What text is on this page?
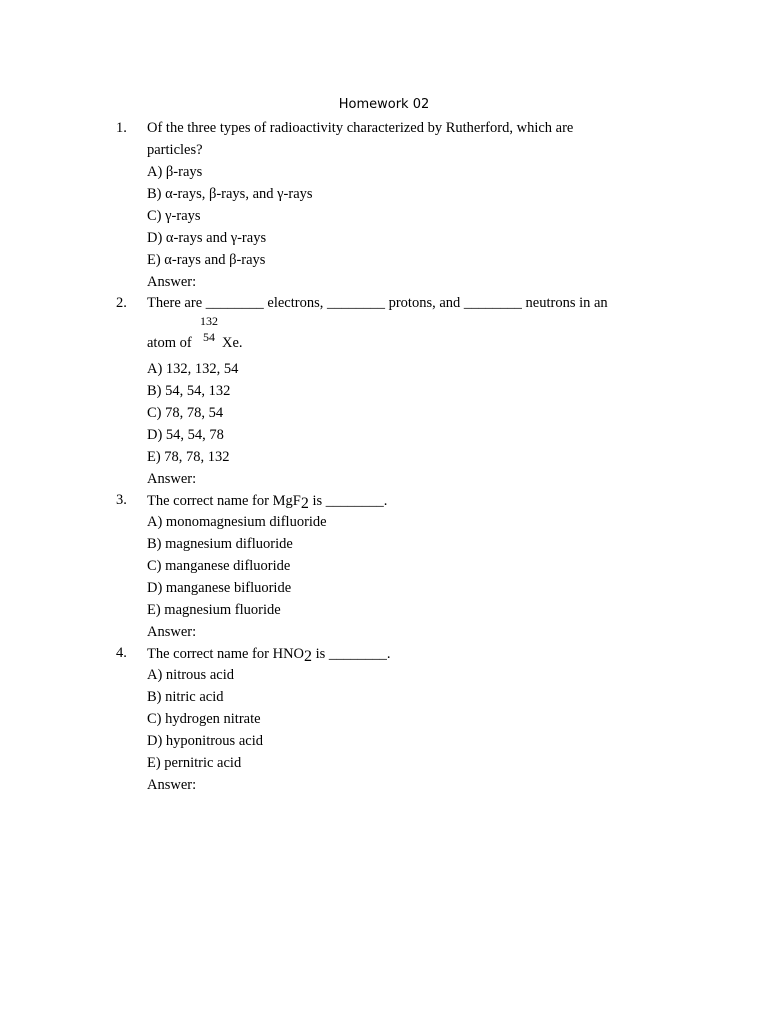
Homework 02
1. Of the three types of radioactivity characterized by Rutherford, which are
particles?
A) β-rays
B) α-rays, β-rays, and γ-rays
C) γ-rays
D) α-rays and γ-rays
E) α-rays and β-rays
Answer:
2. There are ________ electrons, ________ protons, and ________ neutrons in an
132
54
atom of Xe.
A) 132, 132, 54
B) 54, 54, 132
C) 78, 78, 54
D) 54, 54, 78
E) 78, 78, 132
Answer:
3. The correct name for MgF2 is ________.
A) monomagnesium difluoride
B) magnesium difluoride
C) manganese difluoride
D) manganese bifluoride
E) magnesium fluoride
Answer:
4. The correct name for HNO2 is ________.
A) nitrous acid
B) nitric acid
C) hydrogen nitrate
D) hyponitrous acid
E) pernitric acid
Answer:
